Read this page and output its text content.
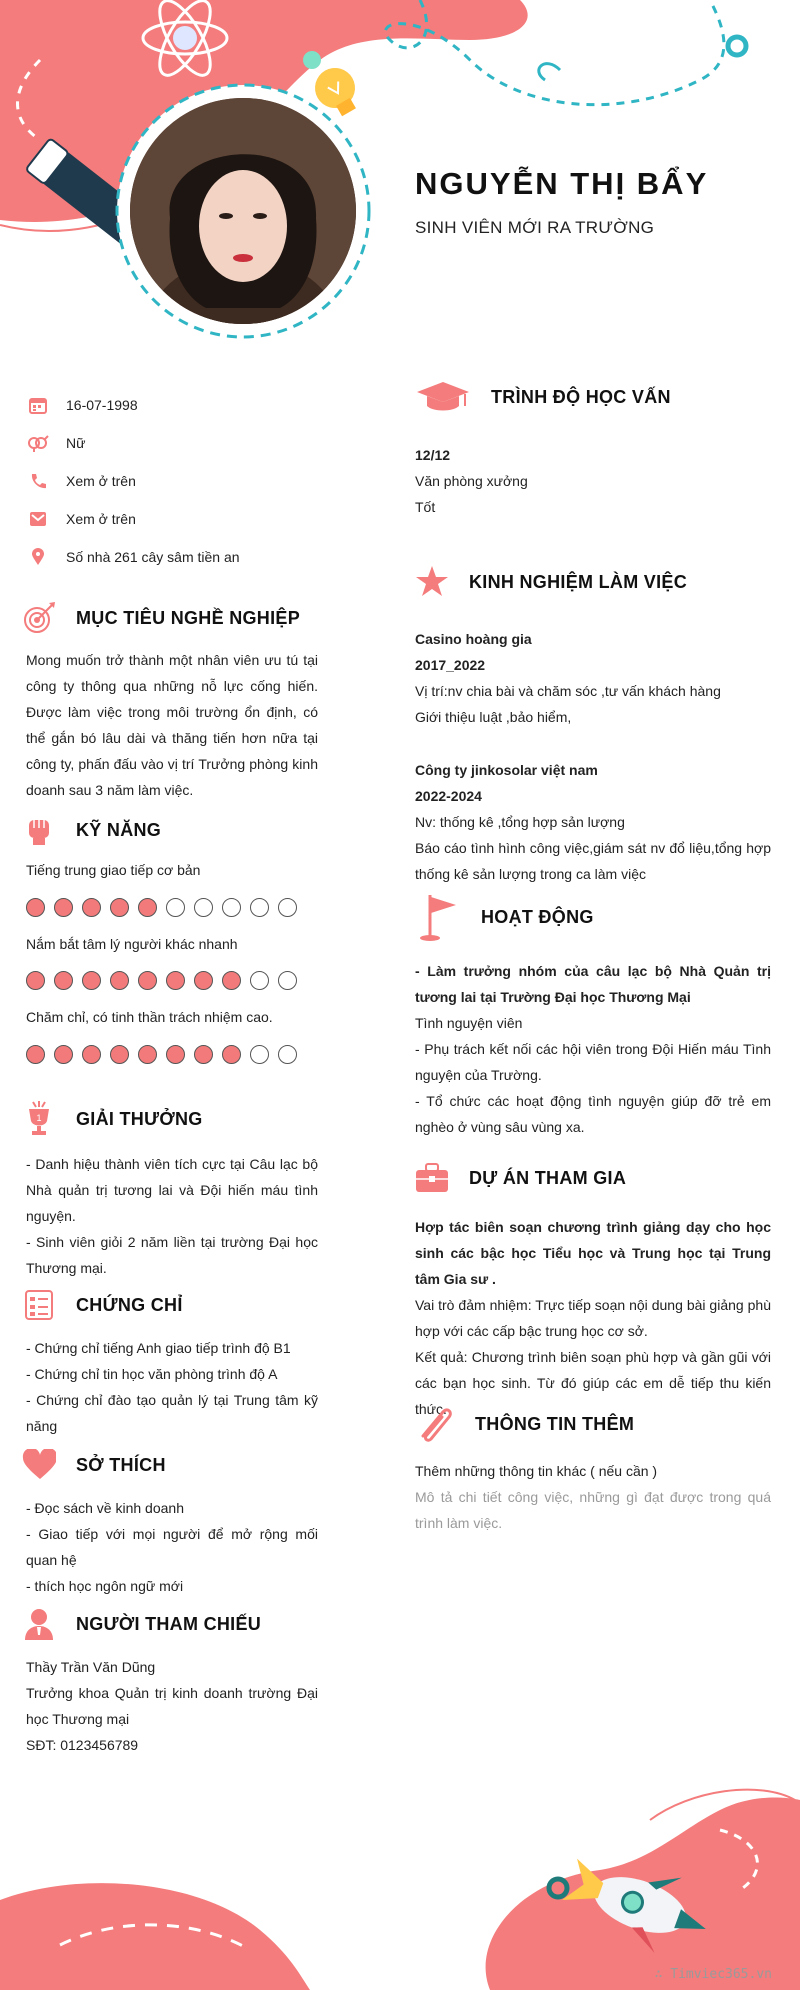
NGUYỄN THỊ BẨY
SINH VIÊN MỚI RA TRƯỜNG
16-07-1998
Nữ
Xem ở trên
Xem ở trên
Số nhà 261 cây sâm tiền an
MỤC TIÊU NGHỀ NGHIỆP
Mong muốn trở thành một nhân viên ưu tú tại công ty thông qua những nỗ lực cống hiến. Được làm việc trong môi trường ổn định, có thể gắn bó lâu dài và thăng tiến hơn nữa tại công ty, phấn đấu vào vị trí Trưởng phòng kinh doanh sau 3 năm làm việc.
KỸ NĂNG
Tiếng trung giao tiếp cơ bản
Nắm bắt tâm lý người khác nhanh
Chăm chỉ, có tinh thần trách nhiệm cao.
1 GIẢI THƯỞNG

- Danh hiệu thành viên tích cực tại Câu lạc bộ Nhà quản trị tương lai và Đội hiến máu tình nguyện.

- Sinh viên giỏi 2 năm liền tại trường Đại học Thương mại.

CHỨNG CHỈ

- Chứng chỉ tiếng Anh giao tiếp trình độ B1

- Chứng chỉ tin học văn phòng trình độ A

- Chứng chỉ đào tạo quản lý tại Trung tâm kỹ năng

SỞ THÍCH

- Đọc sách về kinh doanh

- Giao tiếp với mọi người để mở rộng mối quan hệ

- thích học ngôn ngữ mới

NGƯỜI THAM CHIẾU

Thầy Trần Văn Dũng

Trưởng khoa Quản trị kinh doanh trường Đại học Thương mại

SĐT: 0123456789

TRÌNH ĐỘ HỌC VẤN

12/12

Văn phòng xưởng

Tốt

KINH NGHIỆM LÀM VIỆC

Casino hoàng gia

2017_2022

Vị trí:nv chia bài và chăm sóc ,tư vấn khách hàng

Giới thiệu luật ,bảo hiểm,

Công ty jinkosolar việt nam

2022-2024

Nv: thống kê ,tổng hợp sản lượng

Báo cáo tình hình công việc,giám sát nv đổ liệu,tổng hợp thống kê sản lượng trong ca làm việc

HOẠT ĐỘNG

- Làm trưởng nhóm của câu lạc bộ Nhà Quản trị tương lai tại Trường Đại học Thương Mại

Tình nguyện viên

- Phụ trách kết nối các hội viên trong Đội Hiến máu Tình nguyện của Trường.

- Tổ chức các hoạt động tình nguyện giúp đỡ trẻ em nghèo ở vùng sâu vùng xa.

DỰ ÁN THAM GIA

Hợp tác biên soạn chương trình giảng dạy cho học sinh các bậc học Tiểu học và Trung học tại Trung tâm Gia sư .

Vai trò đảm nhiệm: Trực tiếp soạn nội dung bài giảng phù hợp với các cấp bậc trung học cơ sở.

Kết quả: Chương trình biên soạn phù hợp và gần gũi với các bạn học sinh. Từ đó giúp các em dễ tiếp thu kiến thức.

THÔNG TIN THÊM

Thêm những thông tin khác ( nếu cần )

Mô tả chi tiết công việc, những gì đạt được trong quá trình làm việc.

∴ Timviec365.vn
